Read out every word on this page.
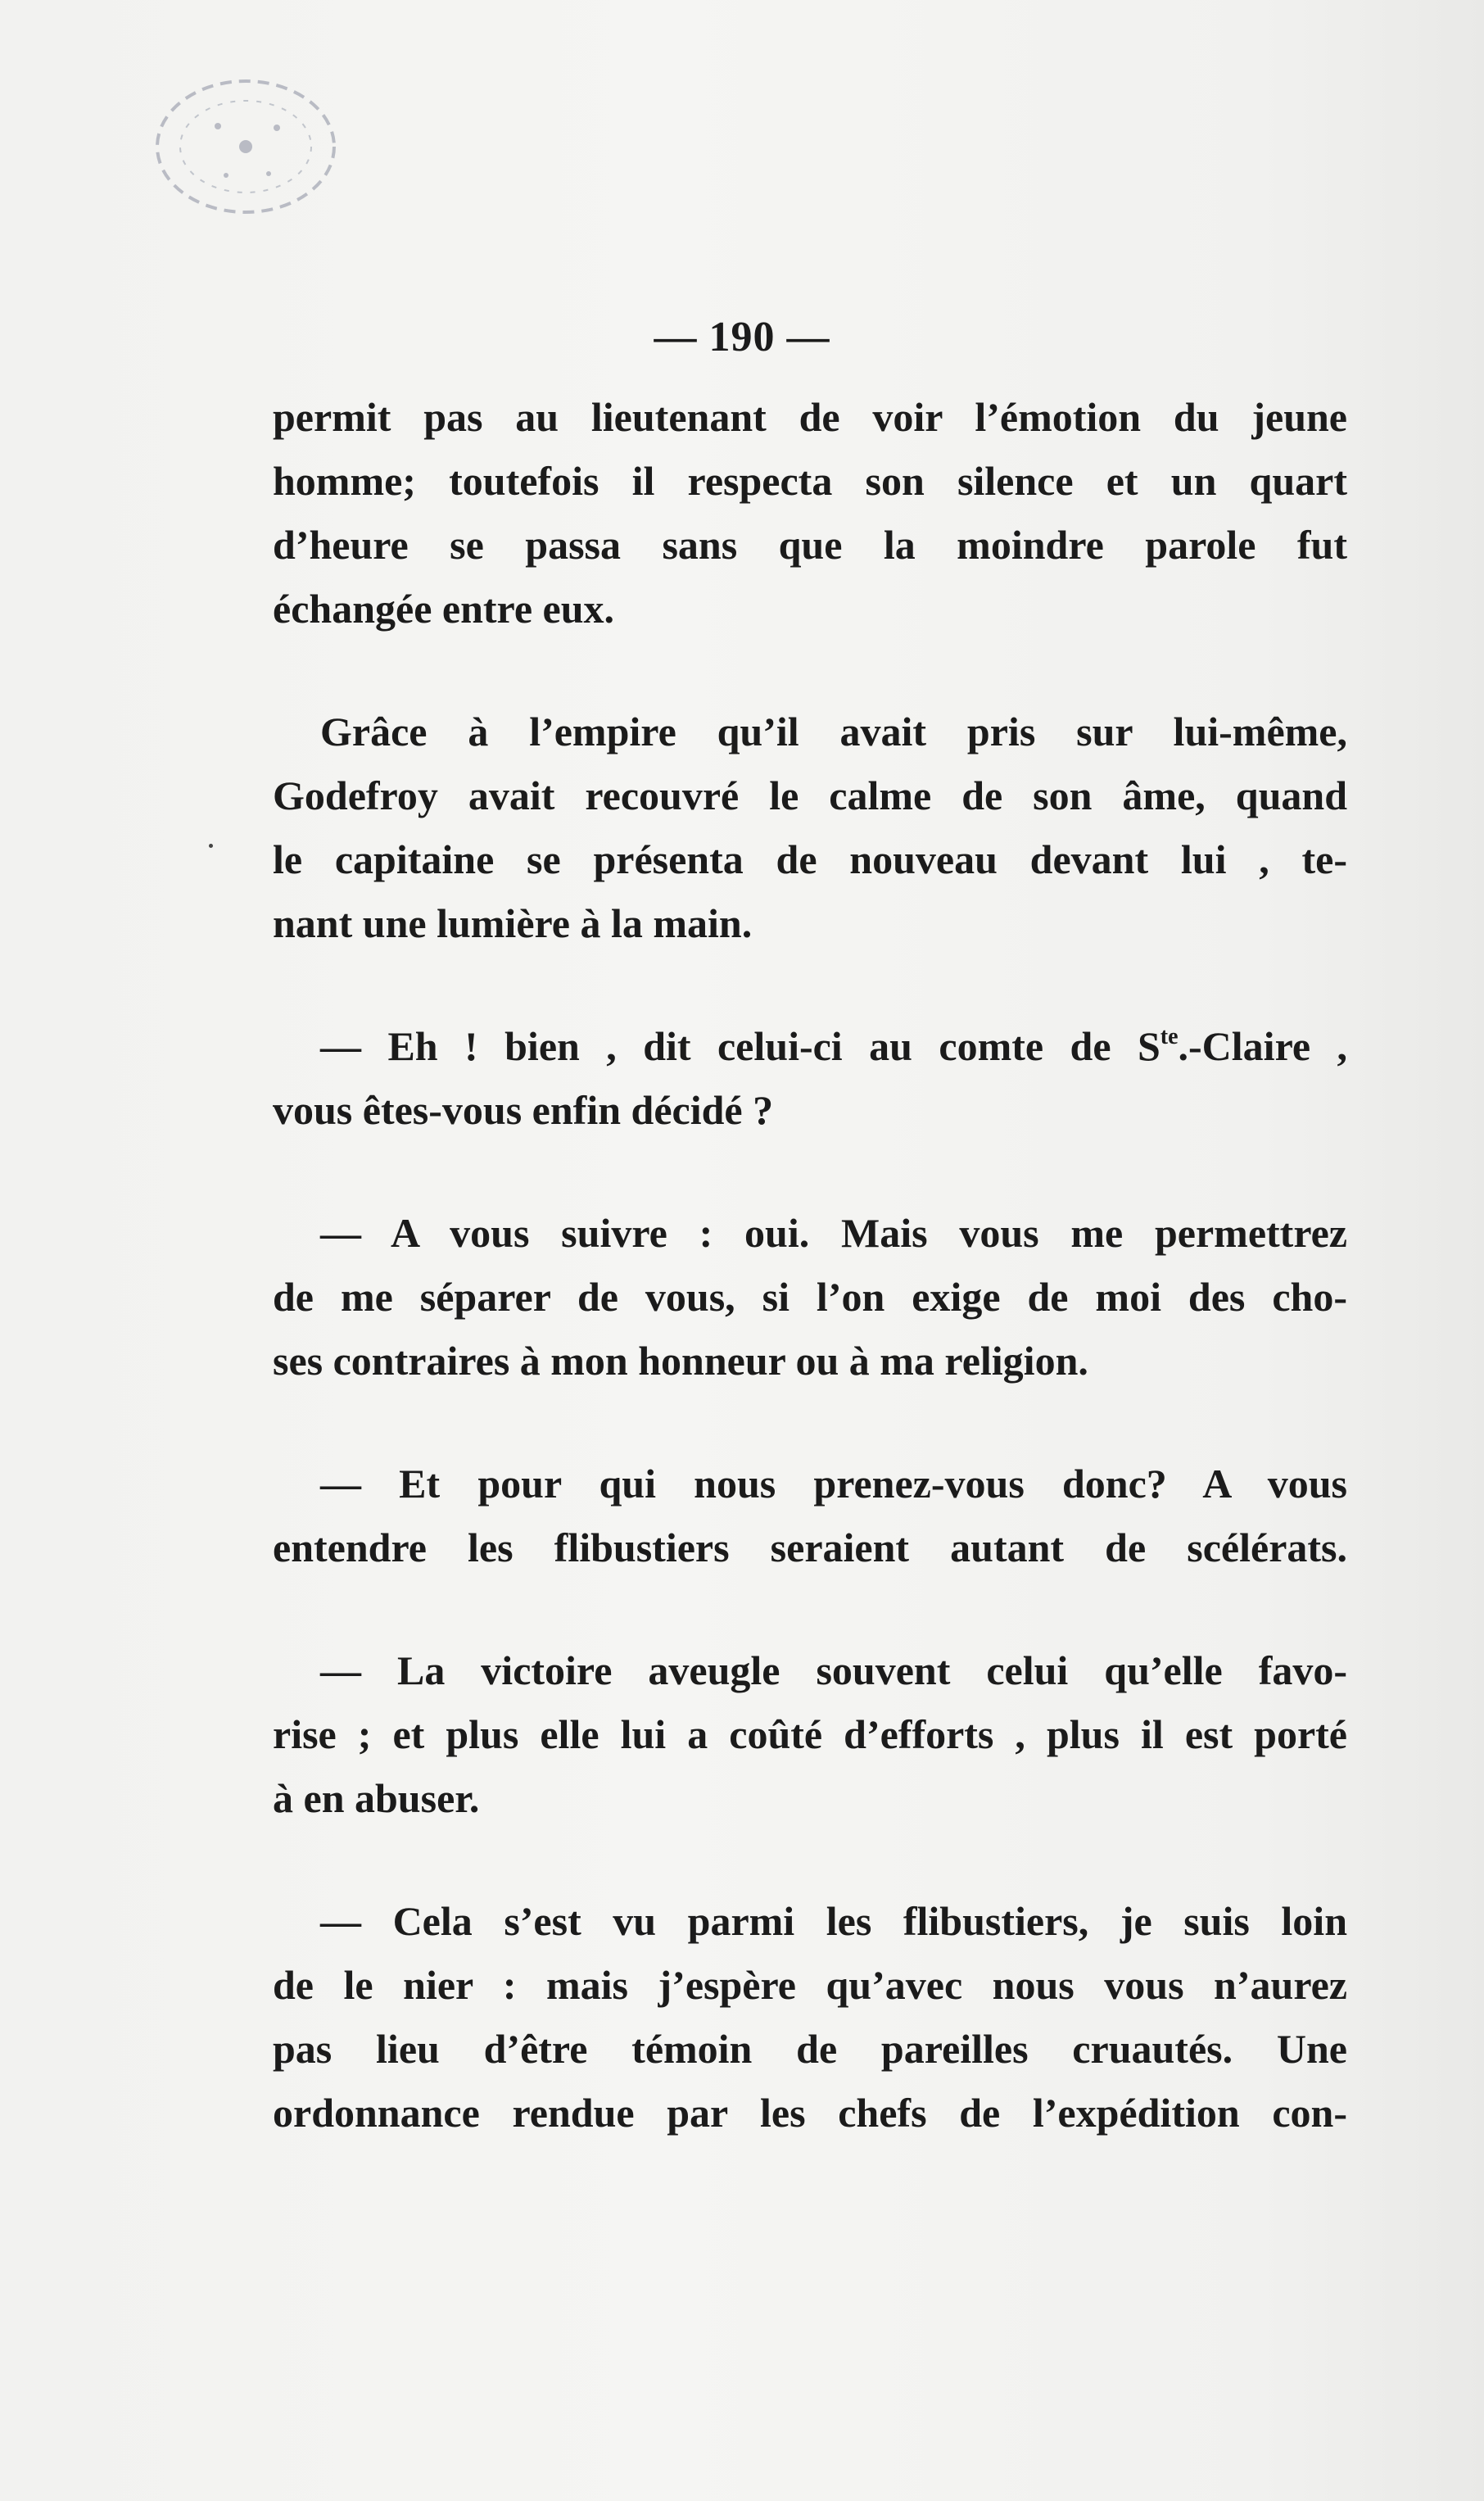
— 190 —
permit pas au lieutenant de voir l’émotion du jeune
homme; toutefois il respecta son silence et un quart
d’heure se passa sans que la moindre parole fut
échangée entre eux.
Grâce à l’empire qu’il avait pris sur lui-même,
Godefroy avait recouvré le calme de son âme, quand
le capitaine se présenta de nouveau devant lui , te-
nant une lumière à la main.
— Eh ! bien , dit celui-ci au comte de $S^{te}$.-Claire ,
vous êtes-vous enfin décidé ?
— A vous suivre : oui. Mais vous me permettrez
de me séparer de vous, si l’on exige de moi des cho-
ses contraires à mon honneur ou à ma religion.
— Et pour qui nous prenez-vous donc? A vous
entendre les flibustiers seraient autant de scélérats.
— La victoire aveugle souvent celui qu’elle favo-
rise ; et plus elle lui a coûté d’efforts , plus il est porté
à en abuser.
— Cela s’est vu parmi les flibustiers, je suis loin
de le nier : mais j’espère qu’avec nous vous n’aurez
pas lieu d’être témoin de pareilles cruautés. Une
ordonnance rendue par les chefs de l’expédition con-
